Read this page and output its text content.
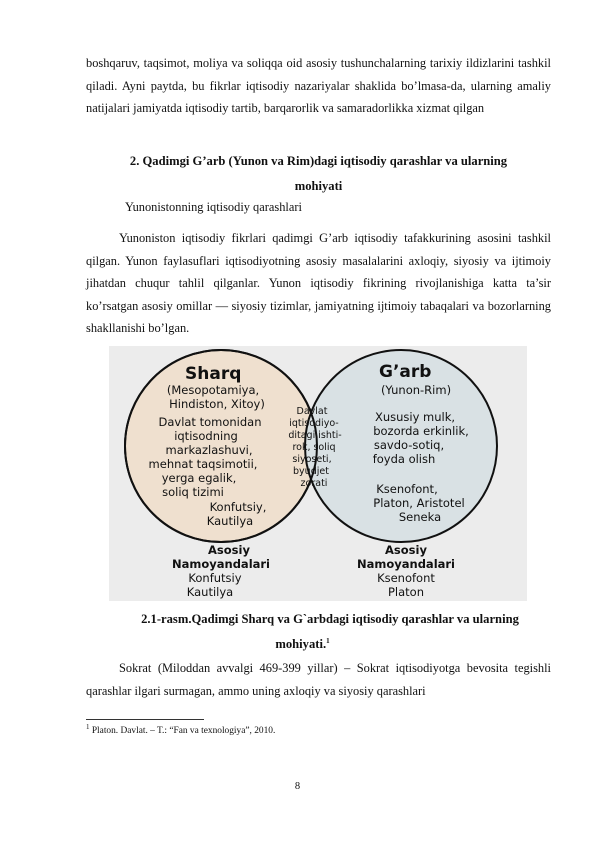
boshqaruv, taqsimot, moliya va soliqqa oid asosiy tushunchalarning tarixiy ildizlarini tashkil qiladi. Ayni paytda, bu fikrlar iqtisodiy nazariyalar shaklida bo’lmasa-da, ularning amaliy natijalari jamiyatda iqtisodiy tartib, barqarorlik va samaradorlikka xizmat qilgan

2. Qadimgi G’arb (Yunon va Rim)dagi iqtisodiy qarashlar va ularning

mohiyati

Yunonistonning iqtisodiy qarashlari

Yunoniston iqtisodiy fikrlari qadimgi G’arb iqtisodiy tafakkurining asosini tashkil qilgan. Yunon faylasuflari iqtisodiyotning asosiy masalalarini axloqiy, siyosiy va ijtimoiy jihatdan chuqur tahlil qilganlar. Yunon iqtisodiy fikrining rivojlanishiga katta ta’sir ko’rsatgan asosiy omillar — siyosiy tizimlar, jamiyatning ijtimoiy tabaqalari va bozorlarning shakllanishi bo’lgan.

Sharq
(Mesopotamiya,
Hindiston, Xitoy)
Davlat tomonidan
iqtisodning
markazlashuvi,
mehnat taqsimotii,
yerga egalik,
soliq tizimi
Konfutsiy,
Kautilya
Davlat
iqtisodiyo-
ditagi ishti-
rok, soliq
siyoseti,
byudjet
zorati
G’arb
(Yunon-Rim)
Xususiy mulk,
bozorda erkinlik,
savdo-sotiq,
foyda olish
Ksenofont,
Platon, Aristotel
Seneka
Asosiy
Namoyandalari
Konfutsiy
Kautilya
Asosiy
Namoyandalari
Ksenofont
Platon

2.1-rasm.Qadimgi Sharq va G`arbdagi iqtisodiy qarashlar va ularning

mohiyati.$^1$

Sokrat (Miloddan avvalgi 469-399 yillar) – Sokrat iqtisodiyotga bevosita tegishli qarashlar ilgari surmagan, ammo uning axloqiy va siyosiy qarashlari

$^1$ Platon. Davlat. – T.: “Fan va texnologiya”, 2010.

8
